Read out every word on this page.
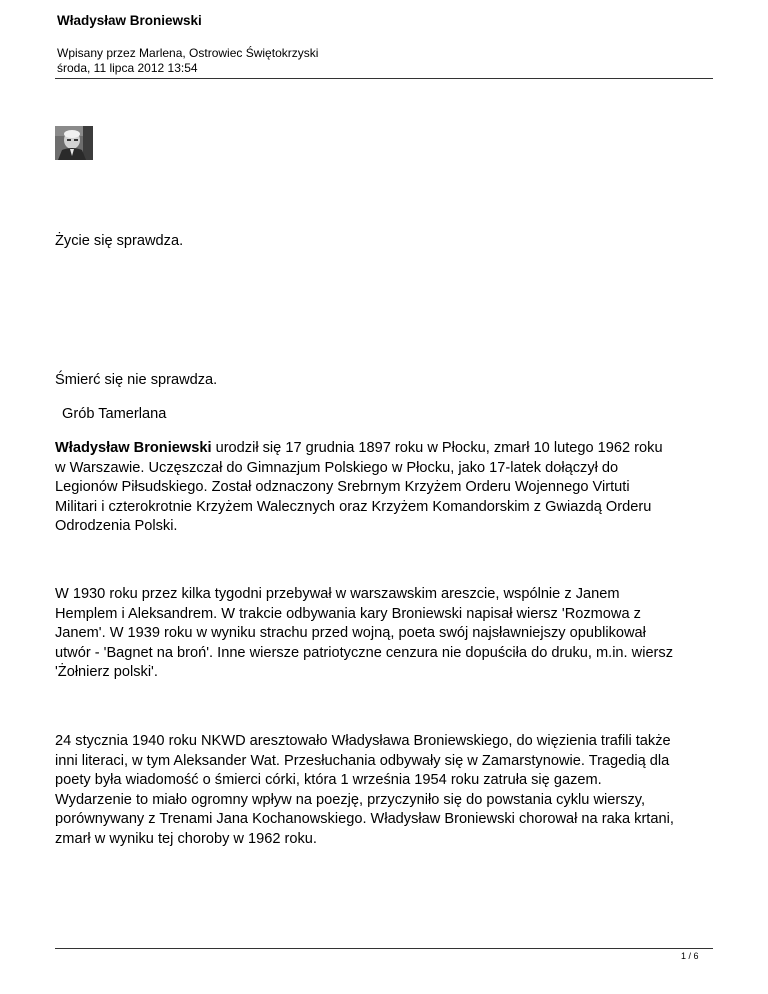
Władysław Broniewski
Wpisany przez Marlena, Ostrowiec Świętokrzyski
środa, 11 lipca 2012 13:54
Życie się sprawdza.
Śmierć się nie sprawdza.
Grób Tamerlana
Władysław Broniewski urodził się 17 grudnia 1897 roku w Płocku, zmarł 10 lutego 1962 roku
w Warszawie. Uczęszczał do Gimnazjum Polskiego w Płocku, jako 17-latek dołączył do
Legionów Piłsudskiego. Został odznaczony Srebrnym Krzyżem Orderu Wojennego Virtuti
Militari i czterokrotnie Krzyżem Walecznych oraz Krzyżem Komandorskim z Gwiazdą Orderu
Odrodzenia Polski.
W 1930 roku przez kilka tygodni przebywał w warszawskim areszcie, wspólnie z Janem
Hemplem i Aleksandrem. W trakcie odbywania kary Broniewski napisał wiersz 'Rozmowa z
Janem'. W 1939 roku w wyniku strachu przed wojną, poeta swój najsławniejszy opublikował
utwór - 'Bagnet na broń'. Inne wiersze patriotyczne cenzura nie dopuściła do druku, m.in. wiersz
'Żołnierz polski'.
24 stycznia 1940 roku NKWD aresztowało Władysława Broniewskiego, do więzienia trafili także
inni literaci, w tym Aleksander Wat. Przesłuchania odbywały się w Zamarstynowie. Tragedią dla
poety była wiadomość o śmierci córki, która 1 września 1954 roku zatruła się gazem.
Wydarzenie to miało ogromny wpływ na poezję, przyczyniło się do powstania cyklu wierszy,
porównywany z Trenami Jana Kochanowskiego. Władysław Broniewski chorował na raka krtani,
zmarł w wyniku tej choroby w 1962 roku.
1 / 6
